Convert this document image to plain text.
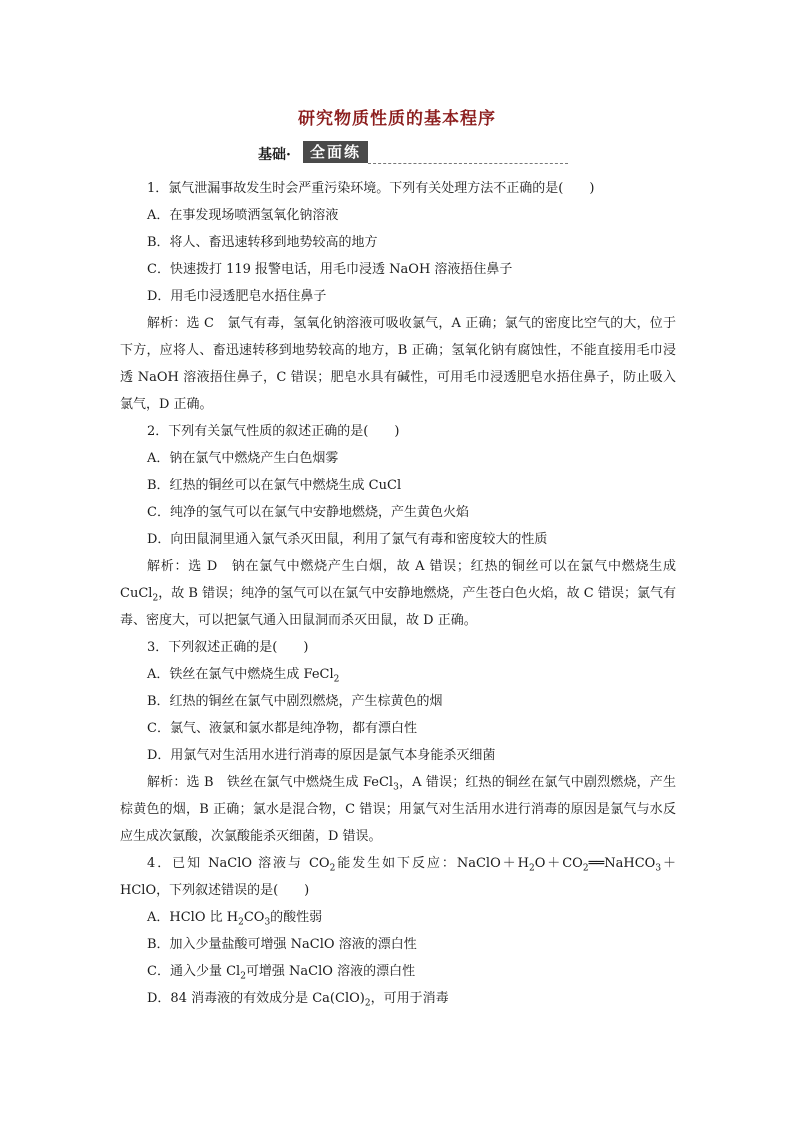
研究物质性质的基本程序
基础·	全面练

1．氯气泄漏事故发生时会严重污染环境。下列有关处理方法不正确的是(　　)

A．在事发现场喷洒氢氧化钠溶液

B．将人、畜迅速转移到地势较高的地方

C．快速拨打 119 报警电话，用毛巾浸透 NaOH 溶液捂住鼻子

D．用毛巾浸透肥皂水捂住鼻子

解析：选 C　氯气有毒，氢氧化钠溶液可吸收氯气，A 正确；氯气的密度比空气的大，位于下方，应将人、畜迅速转移到地势较高的地方，B 正确；氢氧化钠有腐蚀性，不能直接用毛巾浸透 NaOH 溶液捂住鼻子，C 错误；肥皂水具有碱性，可用毛巾浸透肥皂水捂住鼻子，防止吸入氯气，D 正确。

2．下列有关氯气性质的叙述正确的是(　　)

A．钠在氯气中燃烧产生白色烟雾

B．红热的铜丝可以在氯气中燃烧生成 CuCl

C．纯净的氢气可以在氯气中安静地燃烧，产生黄色火焰

D．向田鼠洞里通入氯气杀灭田鼠，利用了氯气有毒和密度较大的性质

解析：选 D　钠在氯气中燃烧产生白烟，故 A 错误；红热的铜丝可以在氯气中燃烧生成 CuCl$_2$，故 B 错误；纯净的氢气可以在氯气中安静地燃烧，产生苍白色火焰，故 C 错误；氯气有毒、密度大，可以把氯气通入田鼠洞而杀灭田鼠，故 D 正确。

3．下列叙述正确的是(　　)

A．铁丝在氯气中燃烧生成 FeCl$_2$

B．红热的铜丝在氯气中剧烈燃烧，产生棕黄色的烟

C．氯气、液氯和氯水都是纯净物，都有漂白性

D．用氯气对生活用水进行消毒的原因是氯气本身能杀灭细菌

解析：选 B　铁丝在氯气中燃烧生成 FeCl$_3$，A 错误；红热的铜丝在氯气中剧烈燃烧，产生棕黄色的烟，B 正确；氯水是混合物，C 错误；用氯气对生活用水进行消毒的原因是氯气与水反应生成次氯酸，次氯酸能杀灭细菌，D 错误。

4．已知 NaClO 溶液与 $CO_2$能发生如下反应：$NaClO+H_2O+CO_2══NaHCO_3+HClO$，下列叙述错误的是(　　)

A．HClO 比 $H_2CO_3$的酸性弱

B．加入少量盐酸可增强 NaClO 溶液的漂白性

C．通入少量 $Cl_2$可增强 NaClO 溶液的漂白性

D．84 消毒液的有效成分是 $Ca(ClO)_2$，可用于消毒
